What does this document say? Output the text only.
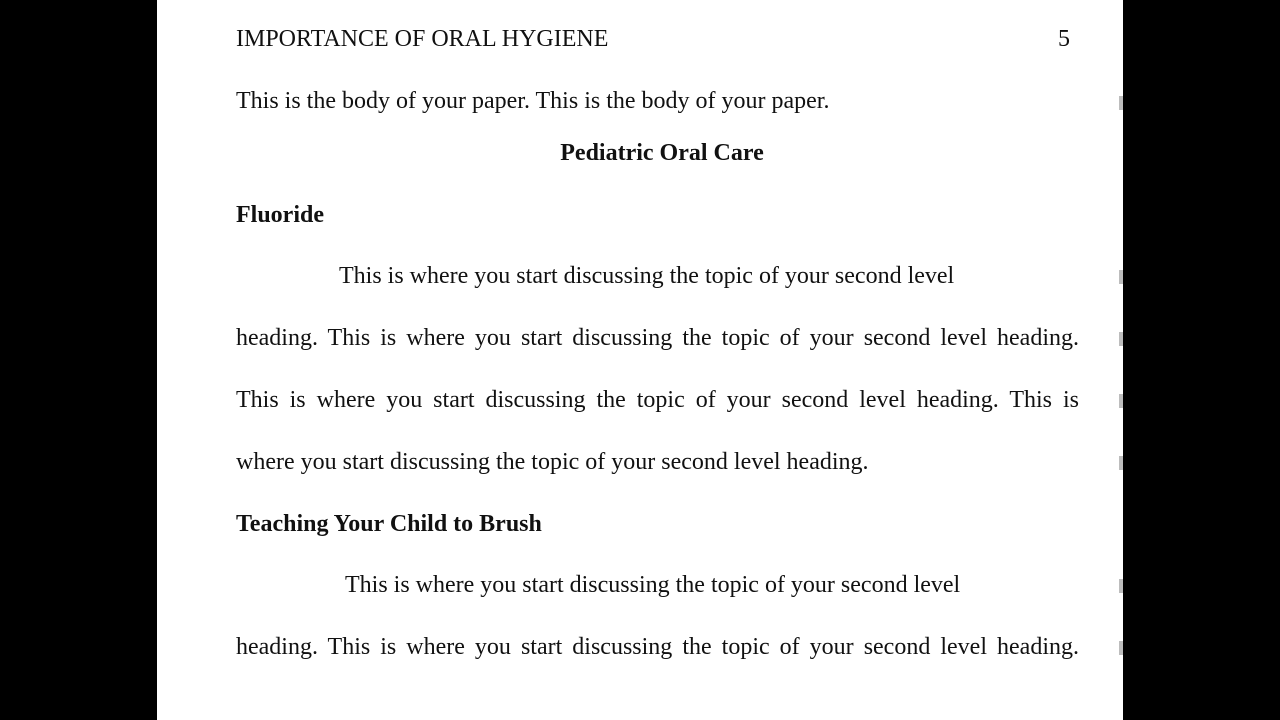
IMPORTANCE OF ORAL HYGIENE	5

This is the body of your paper. This is the body of your paper.

Pediatric Oral Care

Fluoride

This is where you start discussing the topic of your second level

heading. This is where you start discussing the topic of your second level heading.

This is where you start discussing the topic of your second level heading. This is

where you start discussing the topic of your second level heading.

Teaching Your Child to Brush

This is where you start discussing the topic of your second level

heading. This is where you start discussing the topic of your second level heading.
